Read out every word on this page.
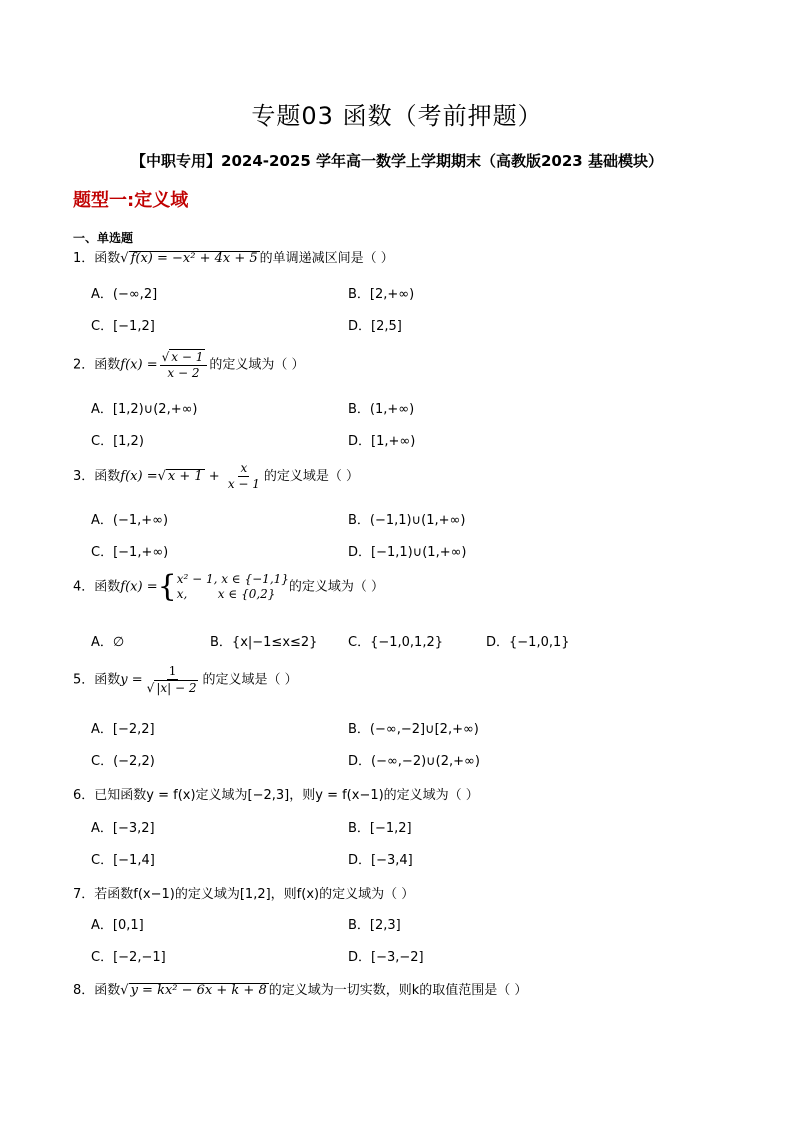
专题03 函数（考前押题）
【中职专用】2024-2025 学年高一数学上学期期末（高教版2023 基础模块）
题型一:定义域
一、单选题
1．函数√ f(x) = −x² + 4x + 5 的单调递减区间是（ ）
A．(−∞,2]	B．[2,+∞)
C．[−1,2]	D．[2,5]
2．函数$f(x) = \frac{√ x - 1}{x - 2}$ 的定义域为（ ）
A．[1,2)∪(2,+∞)	B．(1,+∞)
C．[1,2)	D．[1,+∞)
3．函数f(x) =√ $x + 1 + \frac{x}{x - 1}$ 的定义域是（ ）
A．(−1,+∞)	B．(−1,1)∪(1,+∞)
C．[−1,+∞)	D．[−1,1)∪(1,+∞)
4．函数f(x) ={ x² − 1, x ∈ {−1,1}
x,        x ∈ {0,2}	的定义域为（ ）
A．∅	B．{x|−1≤x≤2} C．{−1,0,1,2}	D．{−1,0,1}
5．函数$y = \frac{1}{√ |x| - 2}$ 的定义域是（ ）
A．[−2,2]	B．(−∞,−2]∪[2,+∞)
C．(−2,2)	D．(−∞,−2)∪(2,+∞)
6．已知函数y = f(x)定义域为[−2,3]，则y = f(x−1)的定义域为（ ）
A．[−3,2]	B．[−1,2]
C．[−1,4]	D．[−3,4]
7．若函数f(x−1)的定义域为[1,2]，则f(x)的定义域为（ ）
A．[0,1]	B．[2,3]
C．[−2,−1]	D．[−3,−2]
8．函数√ y = kx² − 6x + k + 8 的定义域为一切实数，则k的取值范围是（ ）
